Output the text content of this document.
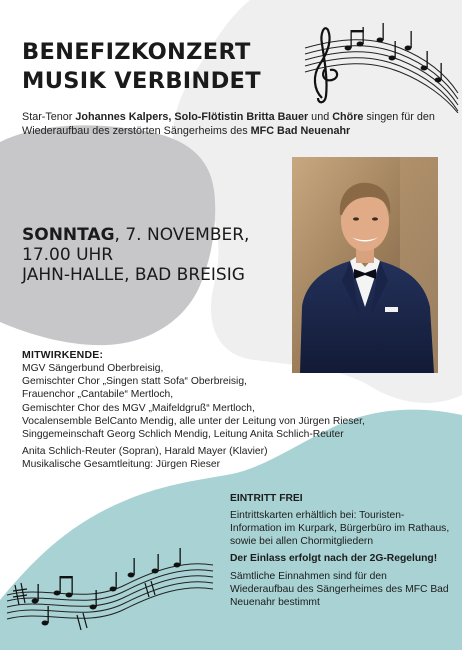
BENEFIZKONZERT
MUSIK VERBINDET

Star-Tenor Johannes Kalpers, Solo-Flötistin Britta Bauer und Chöre singen für den Wiederaufbau des zerstörten Sängerheims des MFC Bad Neuenahr

SONNTAG, 7. NOVEMBER,
17.00 UHR
JAHN-HALLE, BAD BREISIG
MITWIRKENDE:
MGV Sängerbund Oberbreisig,
Gemischter Chor „Singen statt Sofa“ Oberbreisig,
Frauenchor „Cantabile“ Mertloch,
Gemischter Chor des MGV „Maifeldgruß“ Mertloch,
Vocalensemble BelCanto Mendig, alle unter der Leitung von Jürgen Rieser,
Singgemeinschaft Georg Schlich Mendig, Leitung Anita Schlich-Reuter
Anita Schlich-Reuter (Sopran), Harald Mayer (Klavier)
Musikalische Gesamtleitung: Jürgen Rieser
EINTRITT FREI
Eintrittskarten erhältlich bei: Touristen-Information im Kurpark, Bürgerbüro im Rathaus, sowie bei allen Chormitgliedern
Der Einlass erfolgt nach der 2G-Regelung!
Sämtliche Einnahmen sind für den Wiederaufbau des Sängerheimes des MFC Bad Neuenahr bestimmt
